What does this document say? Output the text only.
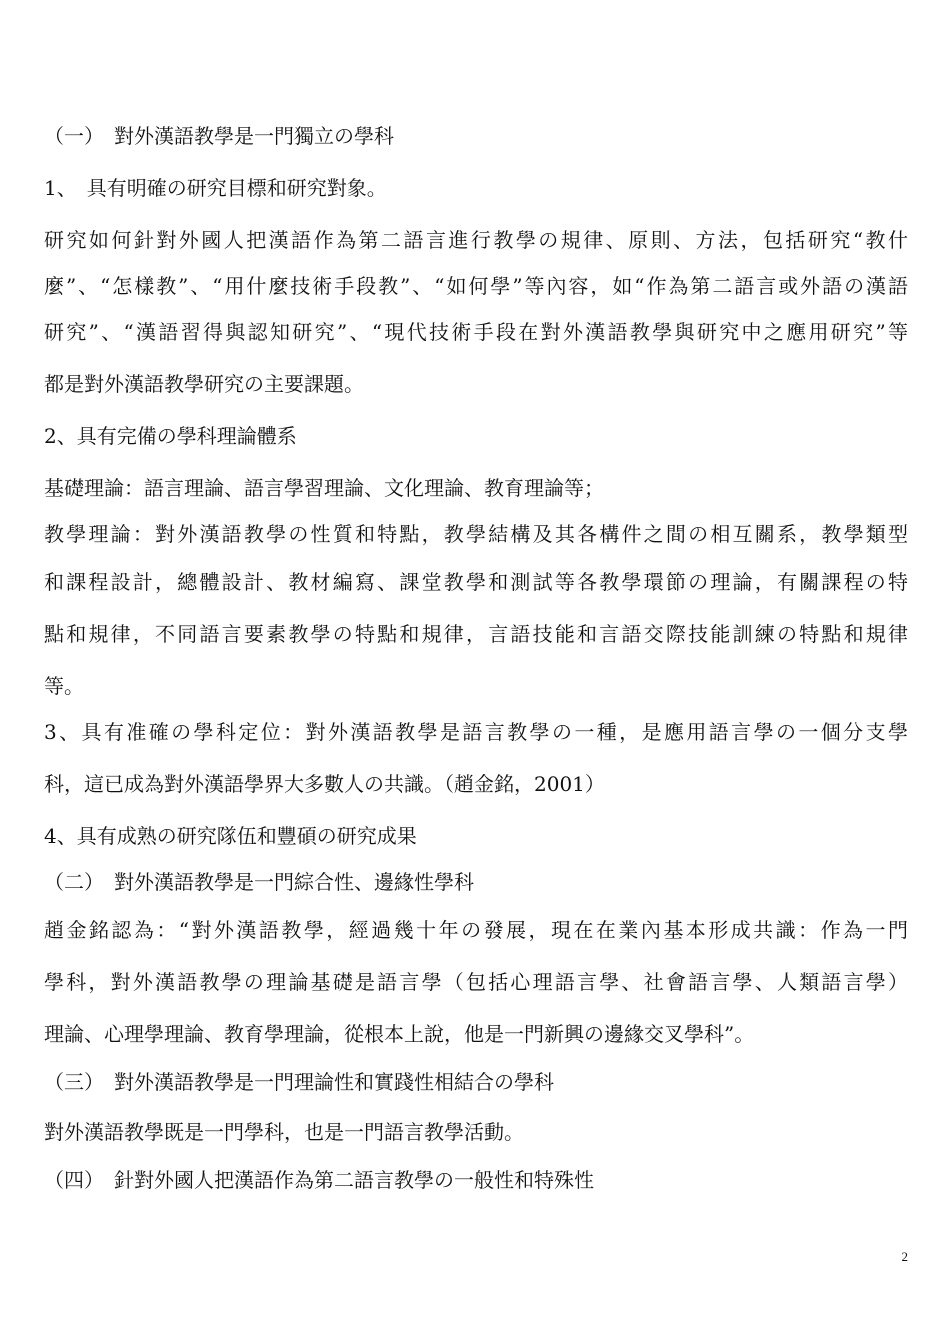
（一）　對外漢語教學是一門獨立の學科
1、　具有明確の研究目標和研究對象。
研究如何針對外國人把漢語作為第二語言進行教學の規律、原則、方法，包括研究“教什
麼”、“怎樣教”、“用什麼技術手段教”、“如何學”等內容，如“作為第二語言或外語の漢語
研究”、“漢語習得與認知研究”、“現代技術手段在對外漢語教學與研究中之應用研究”等
都是對外漢語教學研究の主要課題。
2、具有完備の學科理論體系
基礎理論：語言理論、語言學習理論、文化理論、教育理論等；
教學理論：對外漢語教學の性質和特點，教學結構及其各構件之間の相互關系，教學類型
和課程設計，總體設計、教材編寫、課堂教學和測試等各教學環節の理論，有關課程の特
點和規律，不同語言要素教學の特點和規律，言語技能和言語交際技能訓練の特點和規律
等。
3、具有准確の學科定位：對外漢語教學是語言教學の一種，是應用語言學の一個分支學
科，這已成為對外漢語學界大多數人の共識。（趙金銘，2001）
4、具有成熟の研究隊伍和豐碩の研究成果
（二）　對外漢語教學是一門綜合性、邊緣性學科
趙金銘認為：“對外漢語教學，經過幾十年の發展，現在在業內基本形成共識：作為一門
學科，對外漢語教學の理論基礎是語言學（包括心理語言學、社會語言學、人類語言學）
理論、心理學理論、教育學理論，從根本上說，他是一門新興の邊緣交叉學科”。
（三）　對外漢語教學是一門理論性和實踐性相結合の學科
對外漢語教學既是一門學科，也是一門語言教學活動。
（四）　針對外國人把漢語作為第二語言教學の一般性和特殊性
2
